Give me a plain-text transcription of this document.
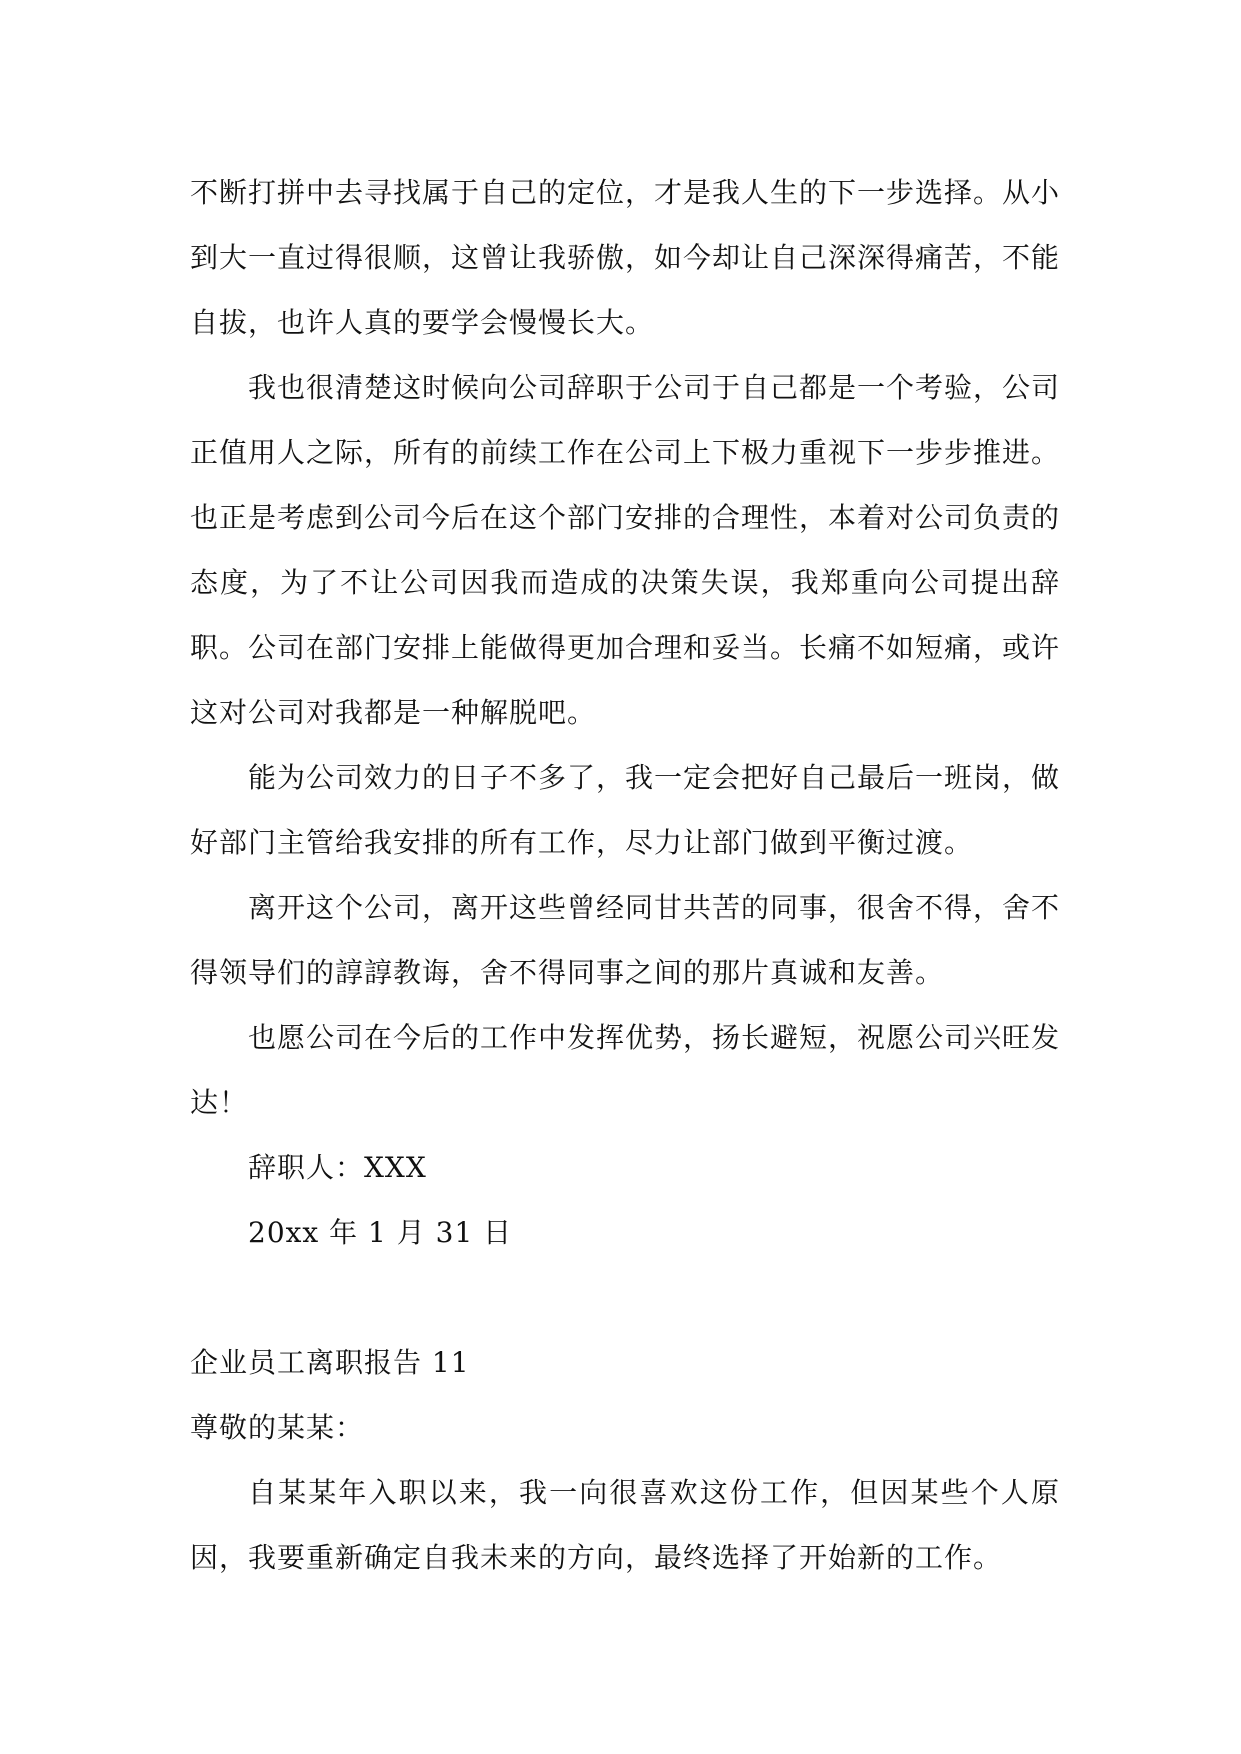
不断打拼中去寻找属于自己的定位，才是我人生的下一步选择。从小到大一直过得很顺，这曾让我骄傲，如今却让自己深深得痛苦，不能自拔，也许人真的要学会慢慢长大。

我也很清楚这时候向公司辞职于公司于自己都是一个考验，公司正值用人之际，所有的前续工作在公司上下极力重视下一步步推进。也正是考虑到公司今后在这个部门安排的合理性，本着对公司负责的态度，为了不让公司因我而造成的决策失误，我郑重向公司提出辞职。公司在部门安排上能做得更加合理和妥当。长痛不如短痛，或许这对公司对我都是一种解脱吧。

能为公司效力的日子不多了，我一定会把好自己最后一班岗，做好部门主管给我安排的所有工作，尽力让部门做到平衡过渡。

离开这个公司，离开这些曾经同甘共苦的同事，很舍不得，舍不得领导们的諄諄教诲，舍不得同事之间的那片真诚和友善。

也愿公司在今后的工作中发挥优势，扬长避短，祝愿公司兴旺发达！

辞职人：XXX

20xx 年 1 月 31 日

企业员工离职报告 11

尊敬的某某：

自某某年入职以来，我一向很喜欢这份工作，但因某些个人原因，我要重新确定自我未来的方向，最终选择了开始新的工作。
